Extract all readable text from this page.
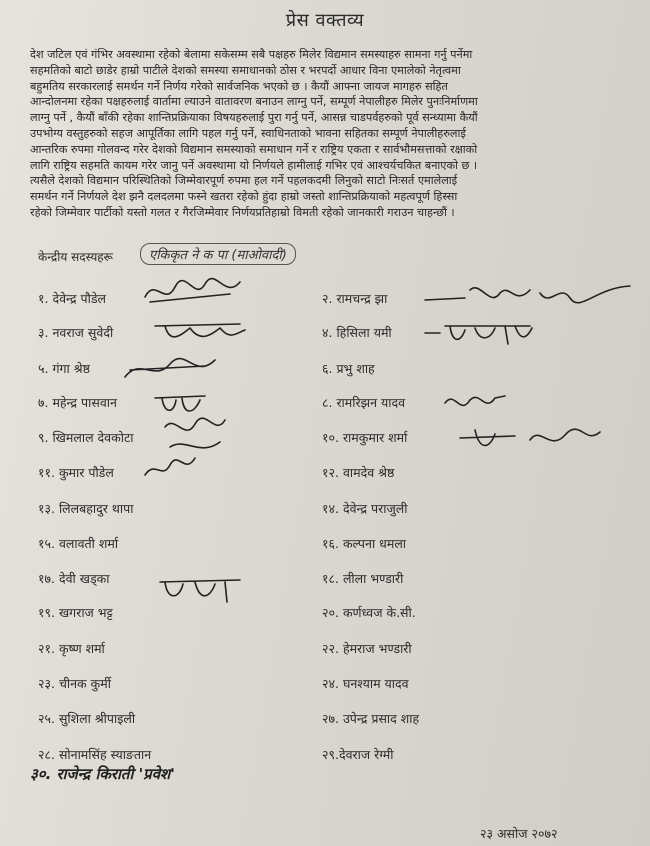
प्रेस वक्तव्य

देश जटिल एवं गंभिर अवस्थामा रहेको बेलामा सकेसम्म सबै पक्षहरु मिलेर विद्यमान समस्याहरु सामना गर्नु पर्नेमा
सहमतिको बाटो छाडेर हाम्रो पाटीले देशको समस्या समाधानको ठोस र भरपर्दो आधार विना एमालेको नेतृत्वमा
बहुमतिय सरकारलाई समर्थन गर्ने निर्णय गरेको सार्वजनिक भएको छ । कैयौं आफ्ना जायज मागहरु सहित
आन्दोलनमा रहेका पक्षहरुलाई वार्तामा ल्याउने वातावरण बनाउन लाग्नु पर्ने, सम्पूर्ण नेपालीहरु मिलेर पुनःनिर्माणमा
लाग्नु पर्ने , कैयौं बाँकी रहेका शान्तिप्रक्रियाका विषयहरुलाई पुरा गर्नु पर्ने, आसन्न चाडपर्वहरुको पूर्व सन्ध्यामा कैयौं
उपभोग्य वस्तुहरुको सहज आपूर्तिका लागि पहल गर्नु पर्ने, स्वाधिनताको भावना सहितका सम्पूर्ण नेपालीहरुलाई
आन्तरिक रुपमा गोलवन्द गरेर देशको विद्यमान समस्याको समाधान गर्ने र राष्ट्रिय एकता र सार्वभौमसत्ताको रक्षाको
लागि राष्ट्रिय सहमति कायम गरेर जानु पर्ने अवस्थामा यो निर्णयले हामीलाई गभिर एवं आश्चर्यचकित बनाएको छ ।
त्यसैले देशको विद्यमान परिस्थितिको जिम्मेवारपूर्ण रुपमा हल गर्ने पहलकदमी लिनुको साटो निःसर्त एमालेलाई
समर्थन गर्ने निर्णयले देश झनै दलदलमा फस्ने खतरा रहेको हुंदा हाम्रो जस्तो शान्तिप्रक्रियाको महत्वपूर्ण हिस्सा
रहेको जिम्मेवार पार्टीको यस्तो गलत र गैरजिम्मेवार निर्णयप्रतिहाम्रो विमती रहेको जानकारी गराउन चाहन्छौं ।

केन्द्रीय सदस्यहरू	एकिकृत ने क पा (माओवादी)
१. देवेन्द्र पौडेल
३. नवराज सुवेदी
५. गंगा श्रेष्ठ
७. महेन्द्र पासवान
९. खिमलाल देवकोटा
११. कुमार पौडेल
१३. लिलबहादुर थापा
१५. वलावती शर्मा
१७. देवी खड्का
१९. खगराज भट्ट
२१. कृष्ण शर्मा
२३. चीनक कुर्मी
२५. सुशिला श्रीपाइली
२८. सोनामसिंह स्याङतान
२. रामचन्द्र झा
४. हिसिला यमी
६. प्रभु शाह
८. रामरिझन यादव
१०. रामकुमार शर्मा
१२. वामदेव श्रेष्ठ
१४. देवेन्द्र पराजुली
१६. कल्पना धमला
१८. लीला भण्डारी
२०. कर्णध्वज के.सी.
२२. हेमराज भण्डारी
२४. घनश्याम यादव
२७. उपेन्द्र प्रसाद शाह
२९.देवराज रेग्मी
३०. राजेन्द्र किराती 'प्रवेश'
२३ असोज २०७२
